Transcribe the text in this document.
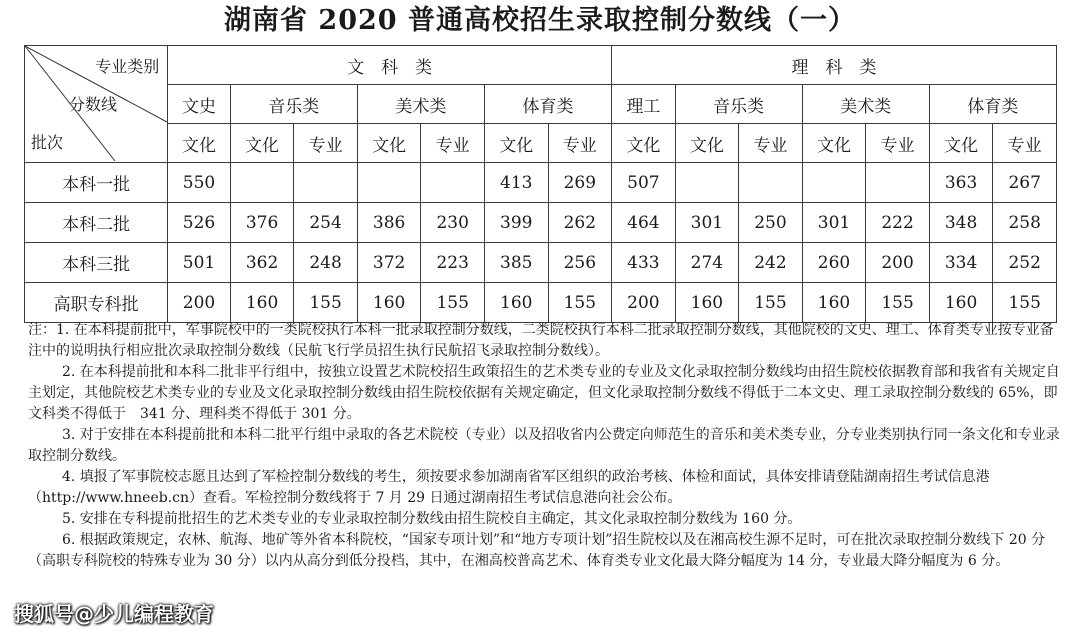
湖南省 2020 普通高校招生录取控制分数线（一）
专业类别
分数线
批次	文　科　类							理　科　类						
	文史	音乐类		美术类		体育类		理工	音乐类		美术类		体育类	
	文化	文化	专业	文化	专业	文化	专业	文化	文化	专业	文化	专业	文化	专业
本科一批	550					413	269	507					363	267
本科二批	526	376	254	386	230	399	262	464	301	250	301	222	348	258
本科三批	501	362	248	372	223	385	256	433	274	242	260	200	334	252
高职专科批	200	160	155	160	155	160	155	200	160	155	160	155	160	155

注：1. 在本科提前批中，军事院校中的一类院校执行本科一批录取控制分数线，二类院校执行本科二批录取控制分数线，其他院校的文史、理工、体育类专业按专业备注中的说明执行相应批次录取控制分数线（民航飞行学员招生执行民航招飞录取控制分数线）。

2. 在本科提前批和本科二批非平行组中，按独立设置艺术院校招生政策招生的艺术类专业的专业及文化录取控制分数线均由招生院校依据教育部和我省有关规定自主划定，其他院校艺术类专业的专业及文化录取控制分数线由招生院校依据有关规定确定，但文化录取控制分数线不得低于二本文史、理工录取控制分数线的 65%，即文科类不得低于　341 分、理科类不得低于 301 分。

3. 对于安排在本科提前批和本科二批平行组中录取的各艺术院校（专业）以及招收省内公费定向师范生的音乐和美术类专业，分专业类别执行同一条文化和专业录取控制分数线。

4. 填报了军事院校志愿且达到了军检控制分数线的考生，须按要求参加湖南省军区组织的政治考核、体检和面试，具体安排请登陆湖南招生考试信息港（http://www.hneeb.cn）查看。军检控制分数线将于 7 月 29 日通过湖南招生考试信息港向社会公布。

5. 安排在专科提前批招生的艺术类专业的专业录取控制分数线由招生院校自主确定，其文化录取控制分数线为 160 分。

6. 根据政策规定，农林、航海、地矿等外省本科院校，“国家专项计划”和“地方专项计划”招生院校以及在湘高校生源不足时，可在批次录取控制分数线下 20 分（高职专科院校的特殊专业为 30 分）以内从高分到低分投档，其中，在湘高校普高艺术、体育类专业文化最大降分幅度为 14 分，专业最大降分幅度为 6 分。

搜狐号@少儿编程教育
